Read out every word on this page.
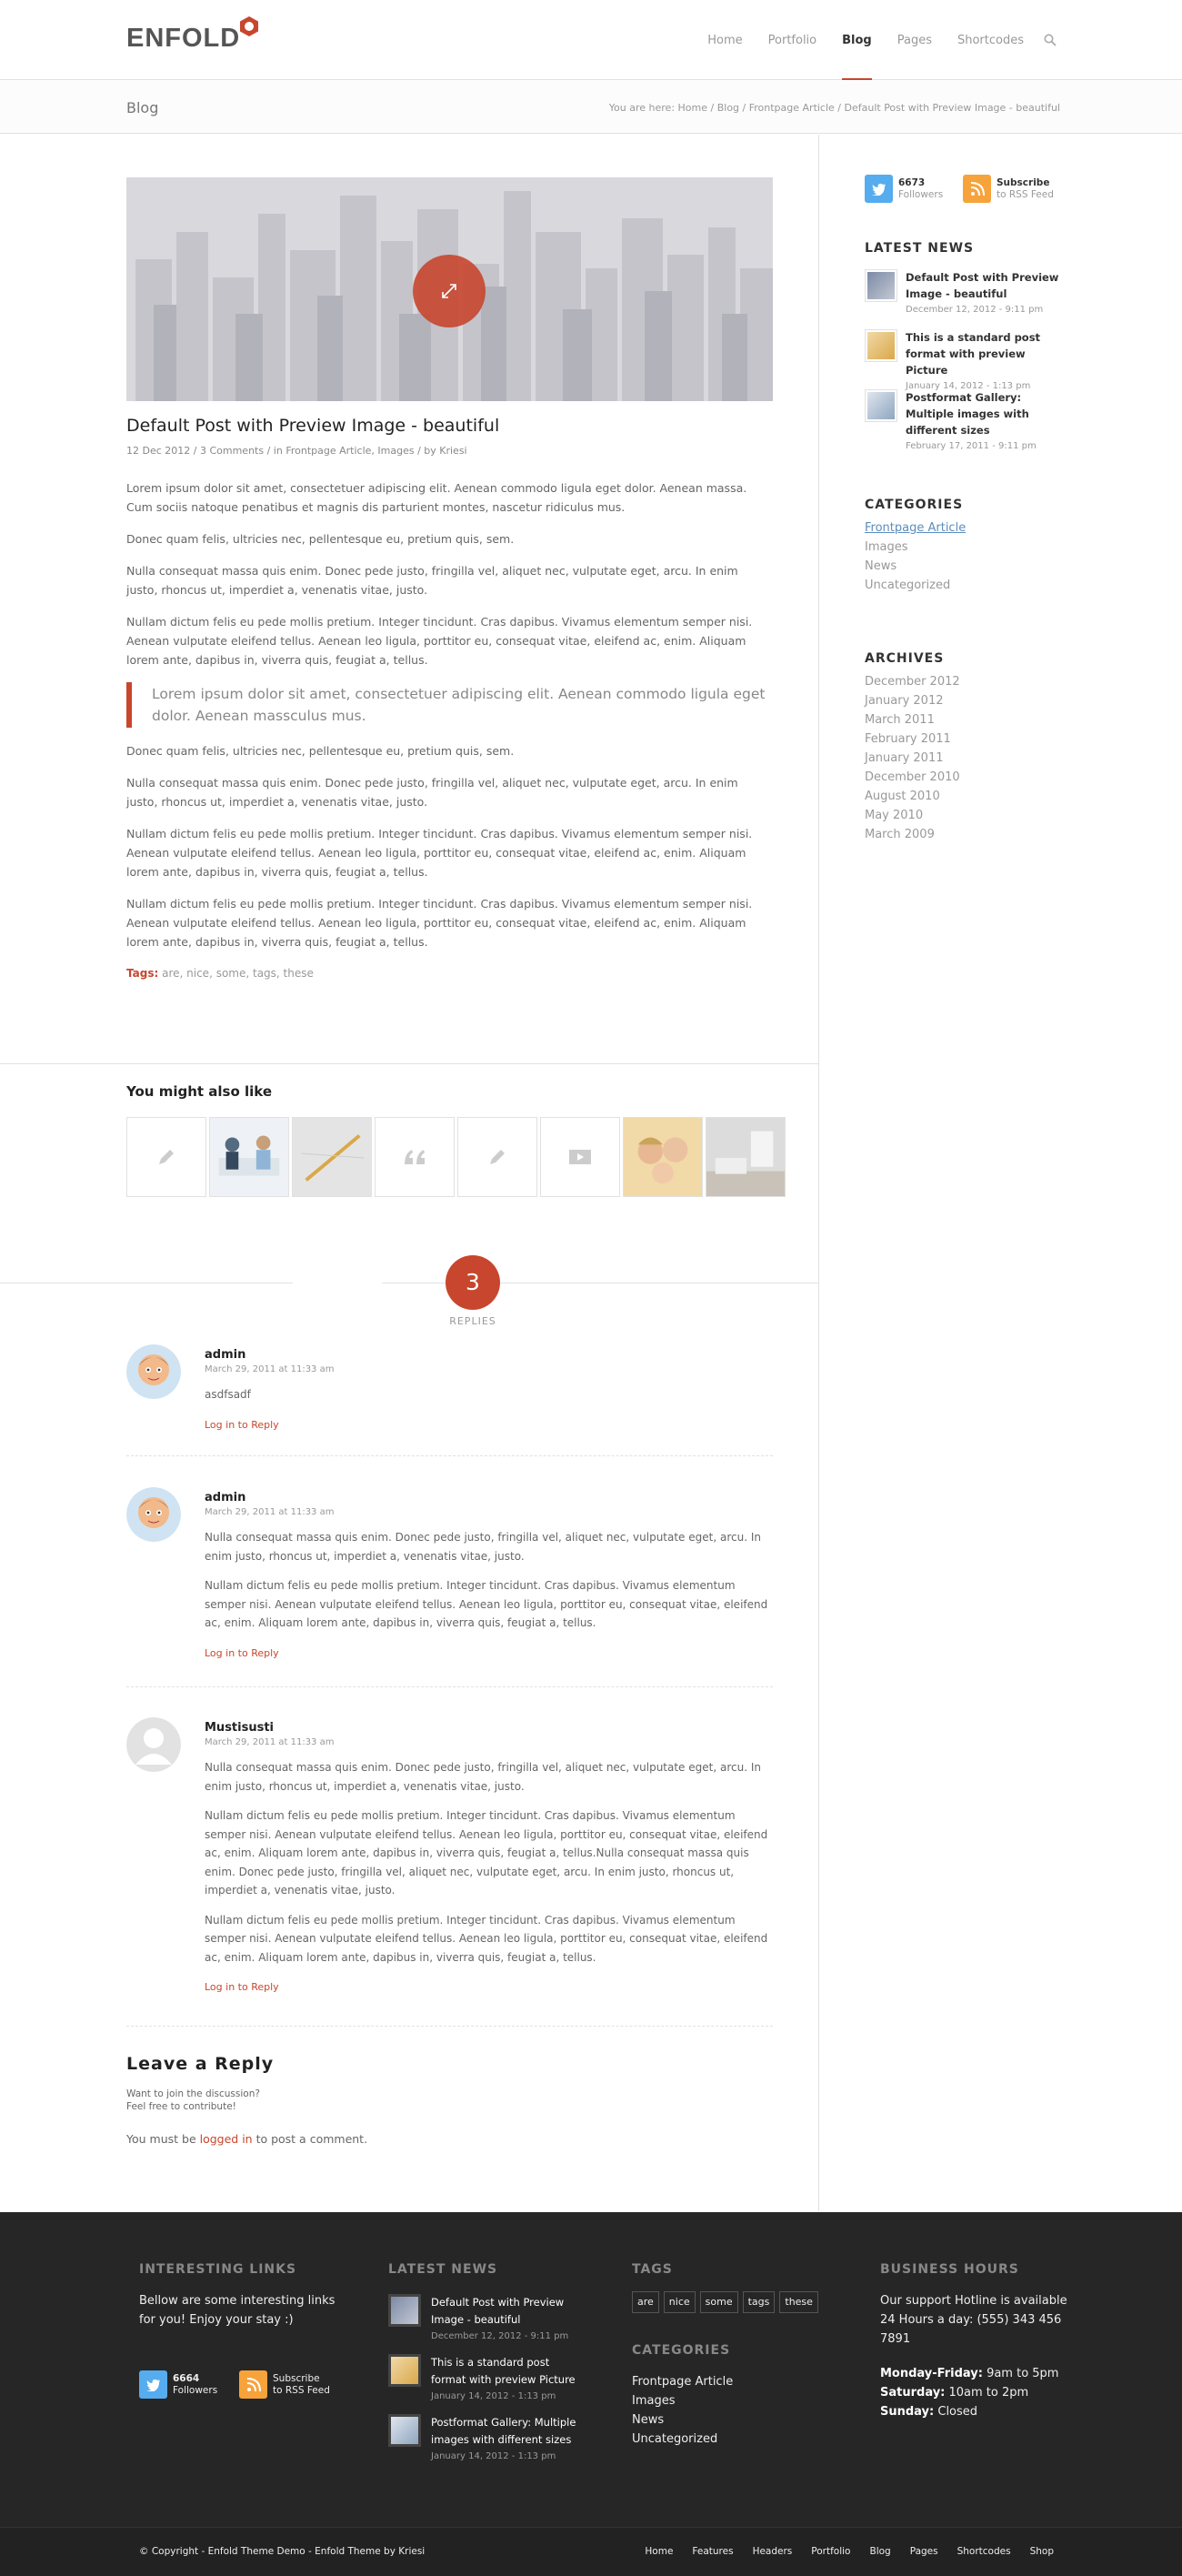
ENFOLD	Home	Portfolio	Blog	Pages	Shortcodes
Blog	You are here: Home / Blog / Frontpage Article / Default Post with Preview Image - beautiful
Default Post with Preview Image - beautiful
12 Dec 2012 / 3 Comments / in Frontpage Article, Images / by Kriesi

Lorem ipsum dolor sit amet, consectetuer adipiscing elit. Aenean commodo ligula eget dolor. Aenean massa. Cum sociis natoque penatibus et magnis dis parturient montes, nascetur ridiculus mus.

Donec quam felis, ultricies nec, pellentesque eu, pretium quis, sem.

Nulla consequat massa quis enim. Donec pede justo, fringilla vel, aliquet nec, vulputate eget, arcu. In enim justo, rhoncus ut, imperdiet a, venenatis vitae, justo.

Nullam dictum felis eu pede mollis pretium. Integer tincidunt. Cras dapibus. Vivamus elementum semper nisi. Aenean vulputate eleifend tellus. Aenean leo ligula, porttitor eu, consequat vitae, eleifend ac, enim. Aliquam lorem ante, dapibus in, viverra quis, feugiat a, tellus.

Lorem ipsum dolor sit amet, consectetuer adipiscing elit. Aenean commodo ligula eget dolor. Aenean massculus mus.

Donec quam felis, ultricies nec, pellentesque eu, pretium quis, sem.

Nulla consequat massa quis enim. Donec pede justo, fringilla vel, aliquet nec, vulputate eget, arcu. In enim justo, rhoncus ut, imperdiet a, venenatis vitae, justo.

Nullam dictum felis eu pede mollis pretium. Integer tincidunt. Cras dapibus. Vivamus elementum semper nisi. Aenean vulputate eleifend tellus. Aenean leo ligula, porttitor eu, consequat vitae, eleifend ac, enim. Aliquam lorem ante, dapibus in, viverra quis, feugiat a, tellus.

Nullam dictum felis eu pede mollis pretium. Integer tincidunt. Cras dapibus. Vivamus elementum semper nisi. Aenean vulputate eleifend tellus. Aenean leo ligula, porttitor eu, consequat vitae, eleifend ac, enim. Aliquam lorem ante, dapibus in, viverra quis, feugiat a, tellus.

Tags: are, nice, some, tags, these
You might also like
3
REPLIES
admin
March 29, 2011 at 11:33 am

asdfsadf

Log in to Reply
admin
March 29, 2011 at 11:33 am

Nulla consequat massa quis enim. Donec pede justo, fringilla vel, aliquet nec, vulputate eget, arcu. In enim justo, rhoncus ut, imperdiet a, venenatis vitae, justo.

Nullam dictum felis eu pede mollis pretium. Integer tincidunt. Cras dapibus. Vivamus elementum semper nisi. Aenean vulputate eleifend tellus. Aenean leo ligula, porttitor eu, consequat vitae, eleifend ac, enim. Aliquam lorem ante, dapibus in, viverra quis, feugiat a, tellus.

Log in to Reply
Mustisusti
March 29, 2011 at 11:33 am

Nulla consequat massa quis enim. Donec pede justo, fringilla vel, aliquet nec, vulputate eget, arcu. In enim justo, rhoncus ut, imperdiet a, venenatis vitae, justo.

Nullam dictum felis eu pede mollis pretium. Integer tincidunt. Cras dapibus. Vivamus elementum semper nisi. Aenean vulputate eleifend tellus. Aenean leo ligula, porttitor eu, consequat vitae, eleifend ac, enim. Aliquam lorem ante, dapibus in, viverra quis, feugiat a, tellus.Nulla consequat massa quis enim. Donec pede justo, fringilla vel, aliquet nec, vulputate eget, arcu. In enim justo, rhoncus ut, imperdiet a, venenatis vitae, justo.

Nullam dictum felis eu pede mollis pretium. Integer tincidunt. Cras dapibus. Vivamus elementum semper nisi. Aenean vulputate eleifend tellus. Aenean leo ligula, porttitor eu, consequat vitae, eleifend ac, enim. Aliquam lorem ante, dapibus in, viverra quis, feugiat a, tellus.

Log in to Reply
Leave a Reply
Want to join the discussion?
Feel free to contribute!
You must be logged in to post a comment.
6673
Followers
Subscribe
to RSS Feed
LATEST NEWS
Default Post with Preview Image - beautiful
December 12, 2012 - 9:11 pm
This is a standard post format with preview Picture
January 14, 2012 - 1:13 pm
Postformat Gallery: Multiple images with different sizes
February 17, 2011 - 9:11 pm
CATEGORIES
Frontpage Article
Images
News
Uncategorized
ARCHIVES
December 2012
January 2012
March 2011
February 2011
January 2011
December 2010
August 2010
May 2010
March 2009
INTERESTING LINKS
Bellow are some interesting links for you! Enjoy your stay :)
6664
Followers
Subscribe
to RSS Feed
LATEST NEWS
Default Post with Preview Image - beautiful
December 12, 2012 - 9:11 pm
This is a standard post format with preview Picture
January 14, 2012 - 1:13 pm
Postformat Gallery: Multiple images with different sizes
January 14, 2012 - 1:13 pm
TAGS
are	nice	some	tags	these
CATEGORIES
Frontpage Article
Images
News
Uncategorized
BUSINESS HOURS
Our support Hotline is available 24 Hours a day: (555) 343 456 7891
Monday-Friday: 9am to 5pm
Saturday: 10am to 2pm
Sunday: Closed
© Copyright - Enfold Theme Demo - Enfold Theme by Kriesi	Home Features Headers Portfolio Blog Pages Shortcodes Shop
